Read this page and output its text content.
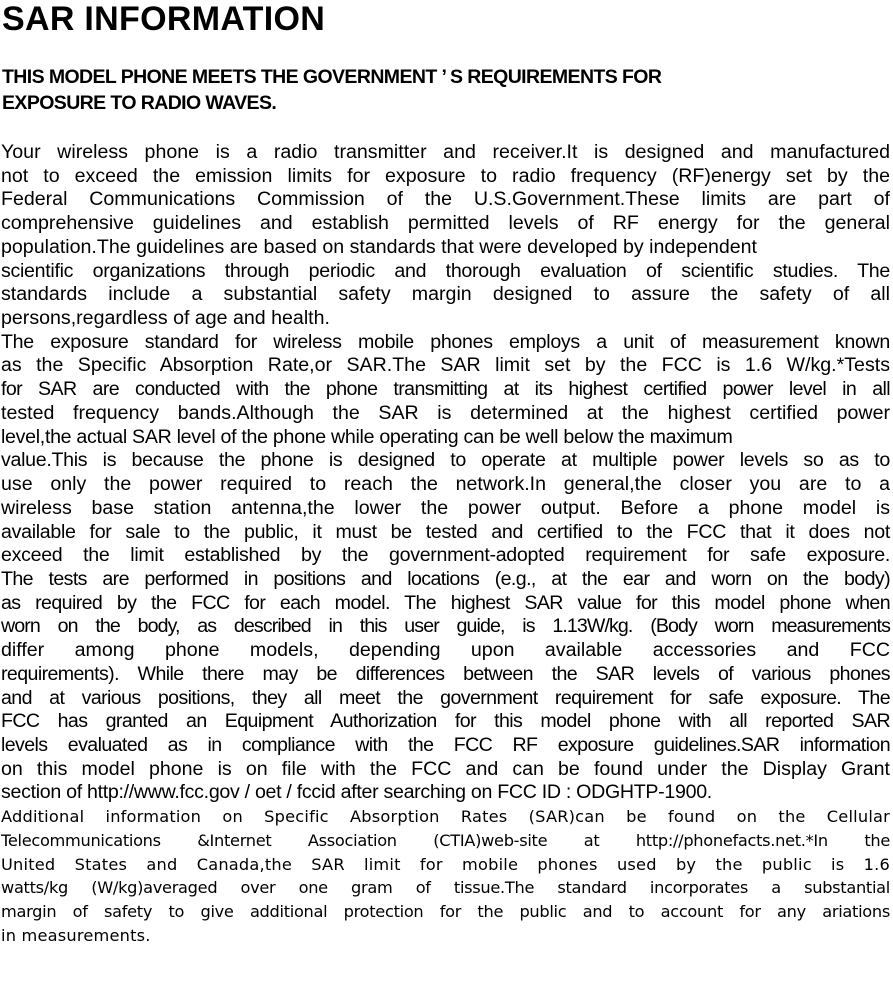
SAR INFORMATION
THIS MODEL PHONE MEETS THE GOVERNMENT ’ S REQUIREMENTS FOR
EXPOSURE TO RADIO WAVES.
Your wireless phone is a radio transmitter and receiver.It is designed and manufactured
not to exceed the emission limits for exposure to radio frequency (RF)energy set by the
Federal Communications Commission of the U.S.Government.These limits are part of
comprehensive guidelines and establish permitted levels of RF energy for the general
population.The guidelines are based on standards that were developed by independent
scientific organizations through periodic and thorough evaluation of scientific studies. The
standards include a substantial safety margin designed to assure the safety of all
persons,regardless of age and health.
The exposure standard for wireless mobile phones employs a unit of measurement known
as the Specific Absorption Rate,or SAR.The SAR limit set by the FCC is 1.6 W/kg.*Tests
for SAR are conducted with the phone transmitting at its highest certified power level in all
tested frequency bands.Although the SAR is determined at the highest certified power
level,the actual SAR level of the phone while operating can be well below the maximum
value.This is because the phone is designed to operate at multiple power levels so as to
use only the power required to reach the network.In general,the closer you are to a
wireless base station antenna,the lower the power output. Before a phone model is
available for sale to the public, it must be tested and certified to the FCC that it does not
exceed the limit established by the government-adopted requirement for safe exposure.
The tests are performed in positions and locations (e.g., at the ear and worn on the body)
as required by the FCC for each model. The highest SAR value for this model phone when
worn on the body, as described in this user guide, is 1.13W/kg. (Body worn measurements
differ among phone models, depending upon available accessories and FCC
requirements). While there may be differences between the SAR levels of various phones
and at various positions, they all meet the government requirement for safe exposure. The
FCC has granted an Equipment Authorization for this model phone with all reported SAR
levels evaluated as in compliance with the FCC RF exposure guidelines.SAR information
on this model phone is on file with the FCC and can be found under the Display Grant
section of http://www.fcc.gov / oet / fccid after searching on FCC ID : ODGHTP-1900.
Additional information on Specific Absorption Rates (SAR)can be found on the Cellular
Telecommunications &Internet Association (CTIA)web-site at http://phonefacts.net.*In the
United States and Canada,the SAR limit for mobile phones used by the public is 1.6
watts/kg (W/kg)averaged over one gram of tissue.The standard incorporates a substantial
margin of safety to give additional protection for the public and to account for any ariations
in measurements.
